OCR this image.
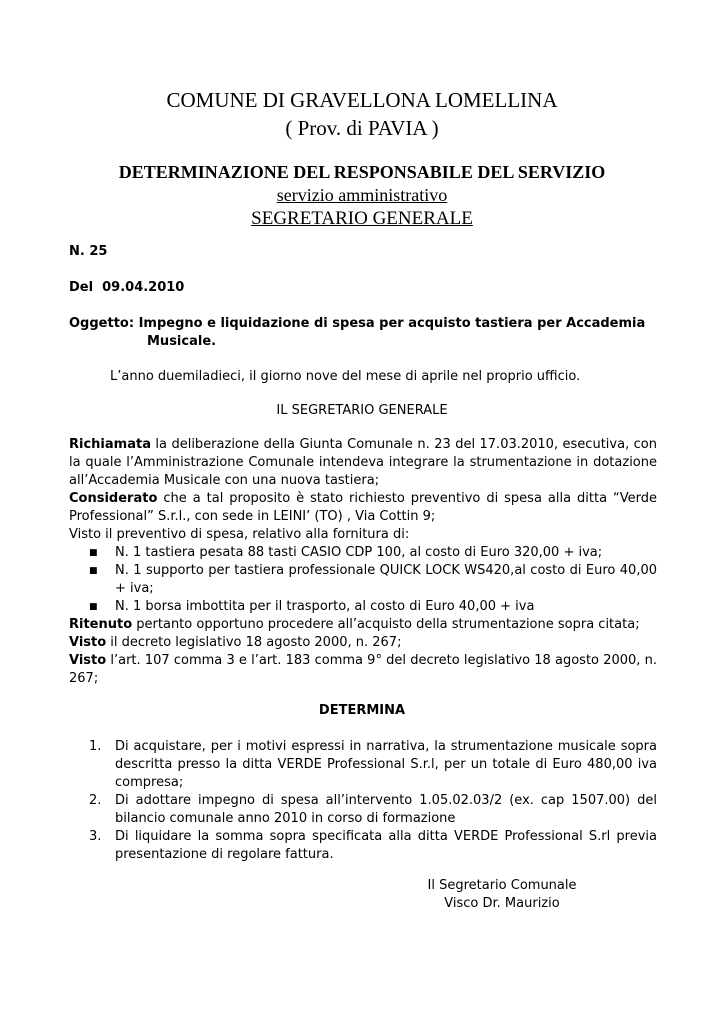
COMUNE DI GRAVELLONA LOMELLINA
( Prov. di PAVIA )
DETERMINAZIONE DEL RESPONSABILE DEL SERVIZIO
servizio amministrativo
SEGRETARIO GENERALE
N. 25
Del  09.04.2010
Oggetto: Impegno e liquidazione di spesa per acquisto tastiera per Accademia
Musicale.
L’anno duemiladieci, il giorno nove del mese di aprile nel proprio ufficio.
IL SEGRETARIO GENERALE
Richiamata la deliberazione della Giunta Comunale n. 23 del 17.03.2010, esecutiva, con la quale l’Amministrazione Comunale intendeva integrare la strumentazione in dotazione all’Accademia Musicale con una nuova tastiera;
Considerato che a tal proposito è stato richiesto preventivo di spesa alla ditta “Verde Professional” S.r.l., con sede in LEINI’ (TO) , Via Cottin 9;
Visto il preventivo di spesa, relativo alla fornitura di:
■ N. 1 tastiera pesata 88 tasti CASIO CDP 100, al costo di Euro 320,00 + iva;
■ N. 1 supporto per tastiera professionale QUICK LOCK WS420,al costo di Euro 40,00 + iva;
■ N. 1 borsa imbottita per il trasporto, al costo di Euro 40,00 + iva
Ritenuto pertanto opportuno procedere all’acquisto della strumentazione sopra citata;
Visto il decreto legislativo 18 agosto 2000, n. 267;
Visto l’art. 107 comma 3 e l’art. 183 comma 9° del decreto legislativo 18 agosto 2000, n. 267;
DETERMINA
1. Di acquistare, per i motivi espressi in narrativa, la strumentazione musicale sopra descritta presso la ditta VERDE Professional S.r.l, per un totale di Euro 480,00 iva compresa;
2. Di adottare impegno di spesa all’intervento 1.05.02.03/2 (ex. cap 1507.00) del bilancio comunale anno 2010 in corso di formazione
3. Di liquidare la somma sopra specificata alla ditta VERDE Professional S.rl previa presentazione di regolare fattura.
Il Segretario Comunale
Visco Dr. Maurizio
